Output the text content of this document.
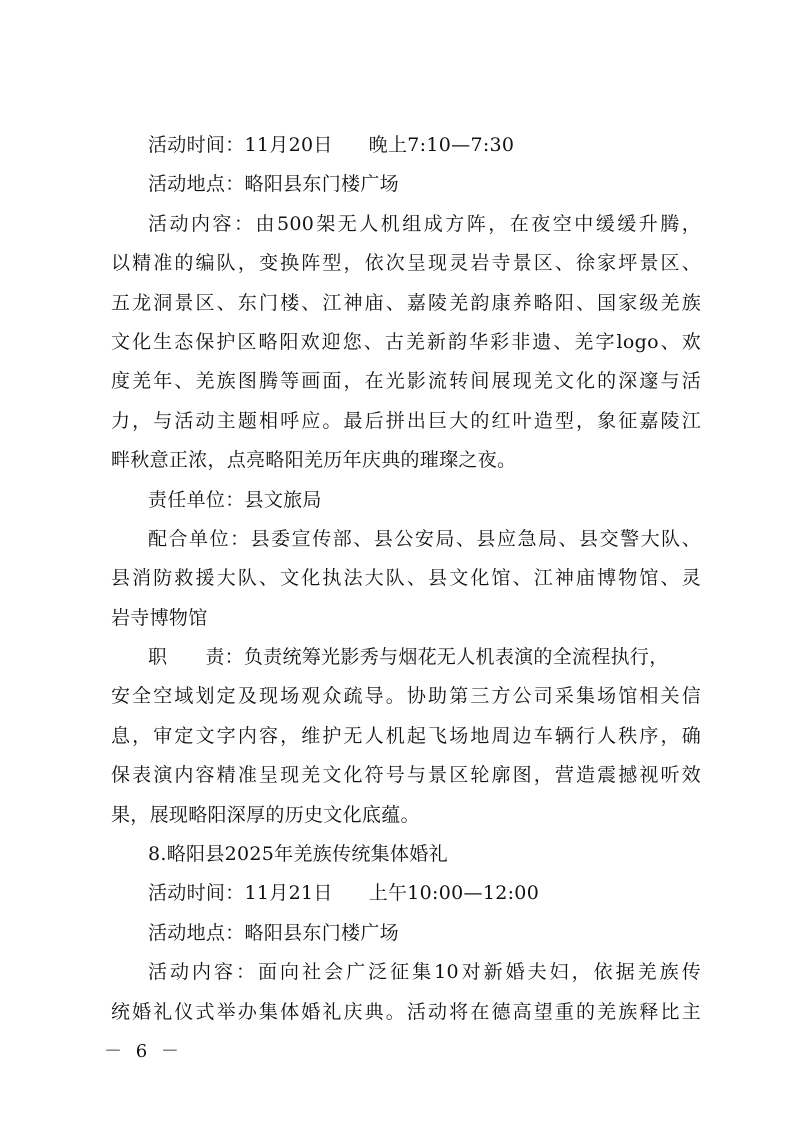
活动时间：11月20日 晚上7:10—7:30
活动地点：略阳县东门楼广场
活动内容：由500架无人机组成方阵，在夜空中缓缓升腾，
以精准的编队，变换阵型，依次呈现灵岩寺景区、徐家坪景区、
五龙洞景区、东门楼、江神庙、嘉陵羌韵康养略阳、国家级羌族
文化生态保护区略阳欢迎您、古羌新韵华彩非遗、羌字logo、欢
度羌年、羌族图腾等画面，在光影流转间展现羌文化的深邃与活
力，与活动主题相呼应。最后拼出巨大的红叶造型，象征嘉陵江
畔秋意正浓，点亮略阳羌历年庆典的璀璨之夜。
责任单位：县文旅局
配合单位：县委宣传部、县公安局、县应急局、县交警大队、
县消防救援大队、文化执法大队、县文化馆、江神庙博物馆、灵
岩寺博物馆
职 责：负责统筹光影秀与烟花无人机表演的全流程执行，
安全空域划定及现场观众疏导。协助第三方公司采集场馆相关信
息，审定文字内容，维护无人机起飞场地周边车辆行人秩序，确
保表演内容精准呈现羌文化符号与景区轮廓图，营造震撼视听效
果，展现略阳深厚的历史文化底蕴。
8.略阳县2025年羌族传统集体婚礼
活动时间：11月21日 上午10:00—12:00
活动地点：略阳县东门楼广场
活动内容：面向社会广泛征集10对新婚夫妇，依据羌族传
统婚礼仪式举办集体婚礼庆典。活动将在德高望重的羌族释比主
－ 6 －
